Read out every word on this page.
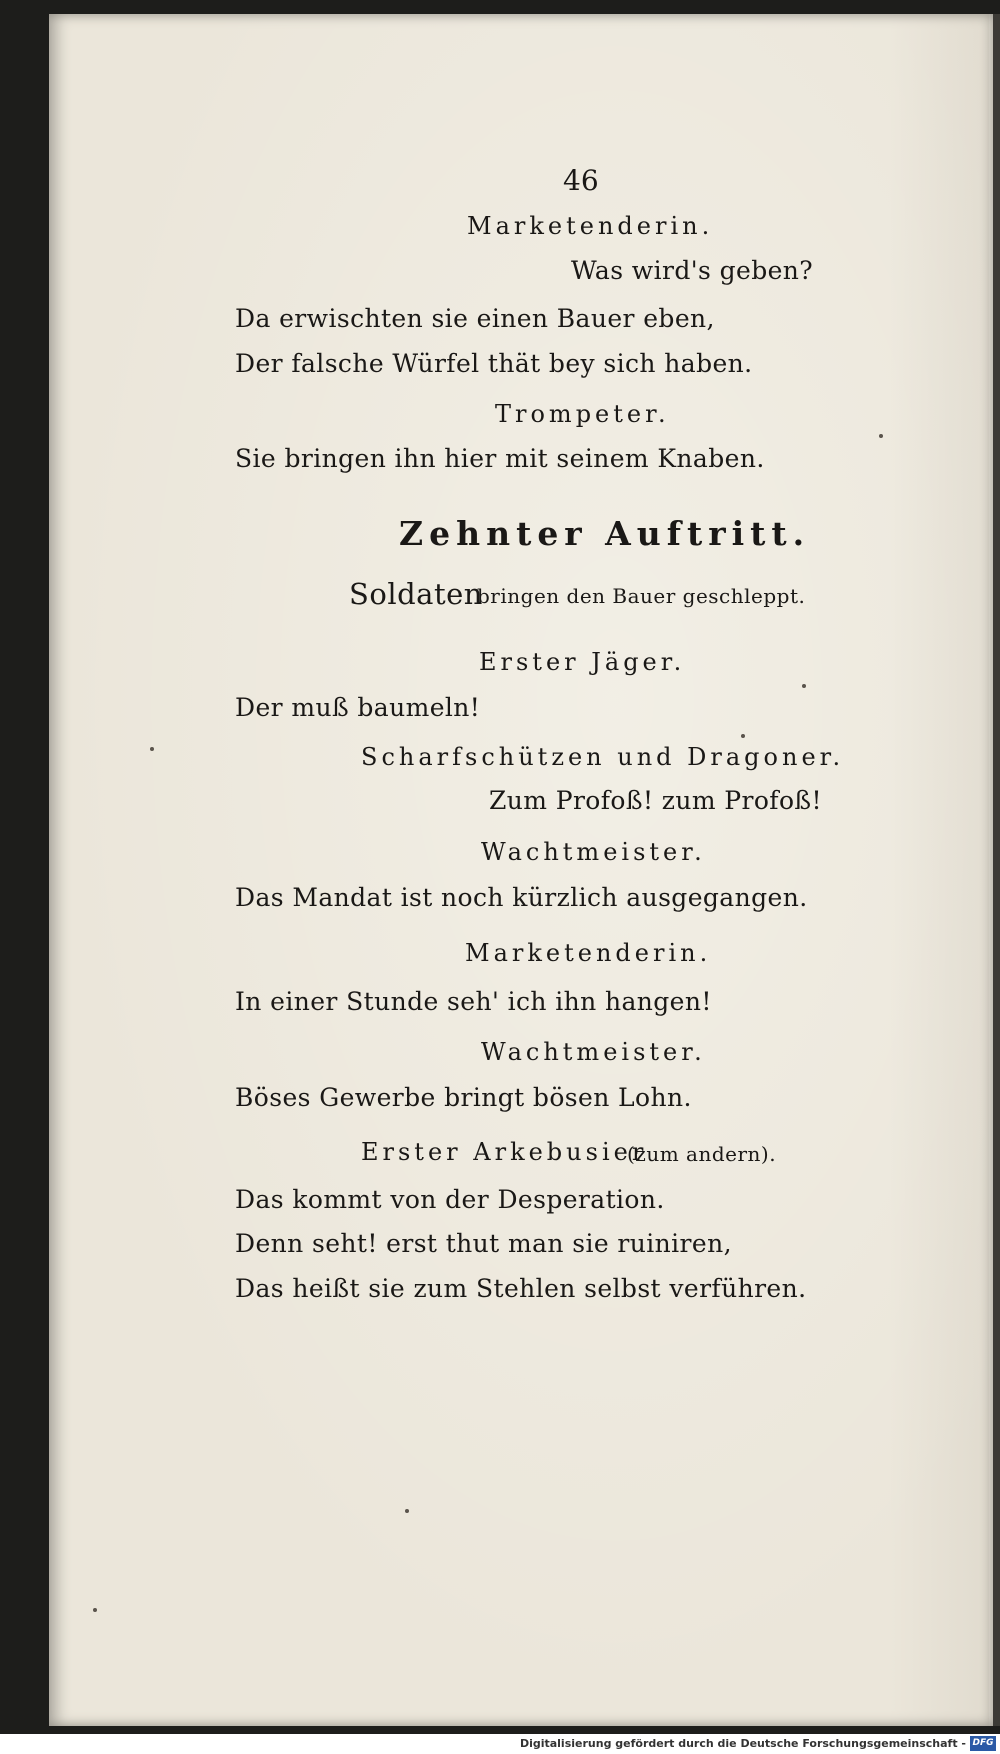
46
Marketenderin.
Was wird's geben?
Da erwischten sie einen Bauer eben,
Der falsche Würfel thät bey sich haben.
Trompeter.
Sie bringen ihn hier mit seinem Knaben.
Zehnter Auftritt.
Soldaten
bringen den Bauer geschleppt.
Erster Jäger.
Der muß baumeln!
Scharfschützen und Dragoner.
Zum Profoß! zum Profoß!
Wachtmeister.
Das Mandat ist noch kürzlich ausgegangen.
Marketenderin.
In einer Stunde seh' ich ihn hangen!
Wachtmeister.
Böses Gewerbe bringt bösen Lohn.
Erster Arkebusier
(zum andern).
Das kommt von der Desperation.
Denn seht! erst thut man sie ruiniren,
Das heißt sie zum Stehlen selbst verführen.
Digitalisierung gefördert durch die Deutsche Forschungsgemeinschaft - DFG
